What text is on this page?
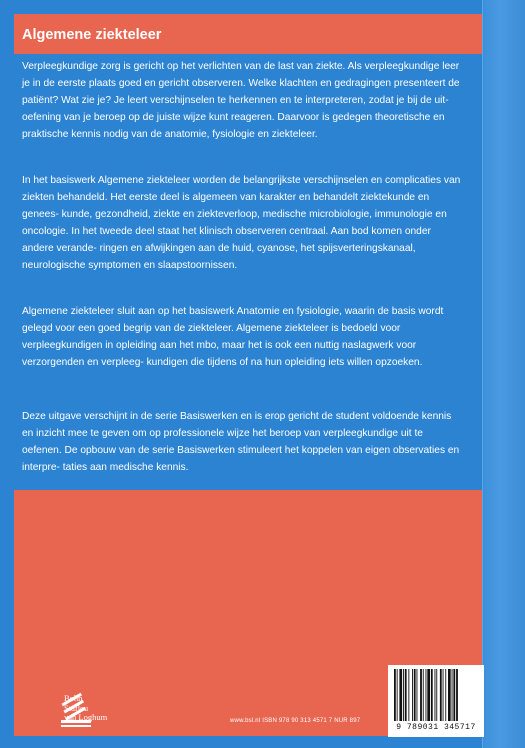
Algemene ziekteleer

Verpleegkundige zorg is gericht op het verlichten van de last van ziekte. Als verpleegkundige leer je in de eerste plaats goed en gericht observeren. Welke klachten en gedragingen presenteert de patiënt? Wat zie je? Je leert verschijnselen te herkennen en te interpreteren, zodat je bij de uit- oefening van je beroep op de juiste wijze kunt reageren. Daarvoor is gedegen theoretische en praktische kennis nodig van de anatomie, fysiologie en ziekteleer.

In het basiswerk Algemene ziekteleer worden de belangrijkste verschijnselen en complicaties van ziekten behandeld. Het eerste deel is algemeen van karakter en behandelt ziektekunde en genees- kunde, gezondheid, ziekte en ziekteverloop, medische microbiologie, immunologie en oncologie. In het tweede deel staat het klinisch observeren centraal. Aan bod komen onder andere verande- ringen en afwijkingen aan de huid, cyanose, het spijsverteringskanaal, neurologische symptomen en slaapstoornissen.

Algemene ziekteleer sluit aan op het basiswerk Anatomie en fysiologie, waarin de basis wordt gelegd voor een goed begrip van de ziekteleer. Algemene ziekteleer is bedoeld voor verpleegkundigen in opleiding aan het mbo, maar het is ook een nuttig naslagwerk voor verzorgenden en verpleeg- kundigen die tijdens of na hun opleiding iets willen opzoeken.

Deze uitgave verschijnt in de serie Basiswerken en is erop gericht de student voldoende kennis en inzicht mee te geven om op professionele wijze het beroep van verpleegkundige uit te oefenen. De opbouw van de serie Basiswerken stimuleert het koppelen van eigen observaties en interpre- taties aan medische kennis.

Bohn
Stafleu
van Loghum	www.bsl.nl ISBN 978 90 313 4571 7 NUR 897
9 789031 345717
